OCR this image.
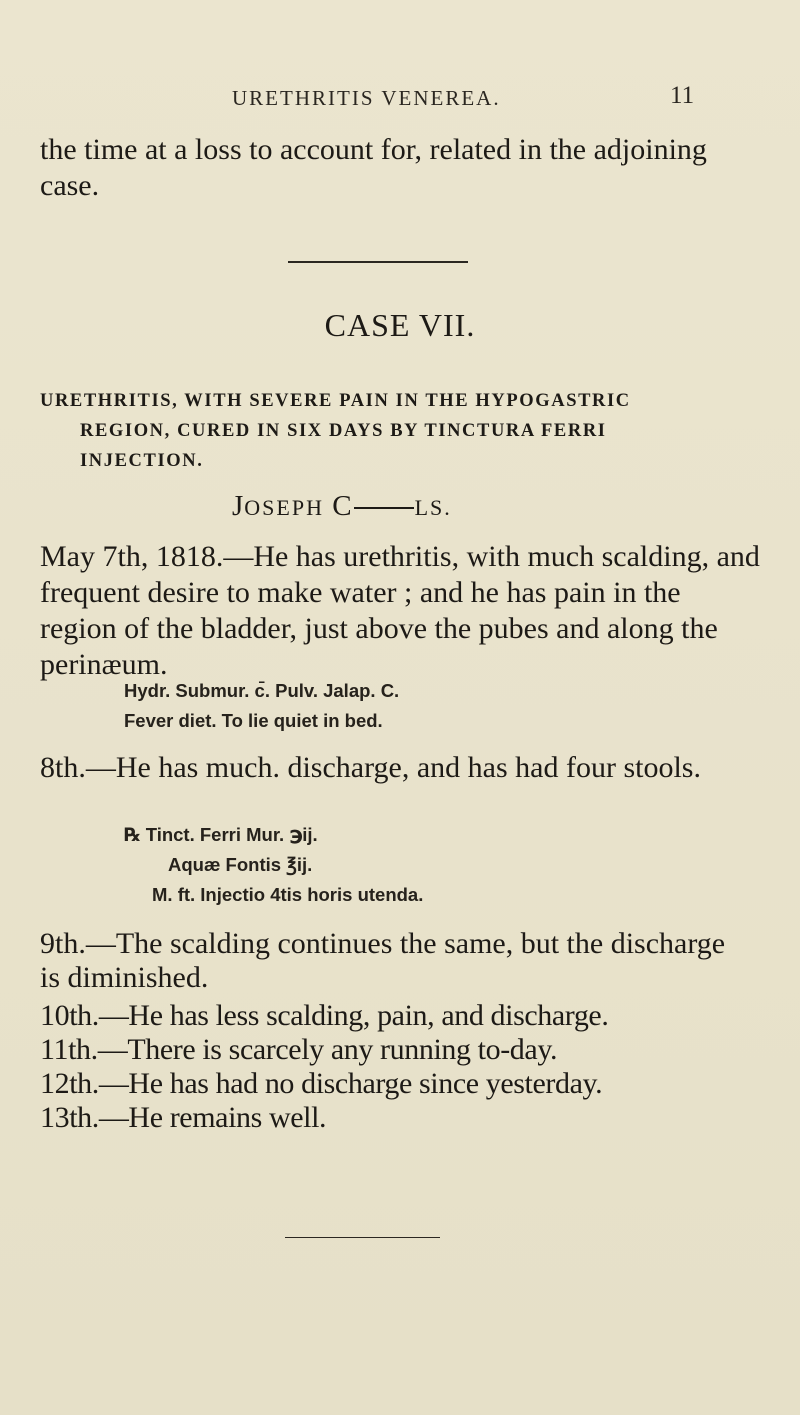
URETHRITIS VENEREA.	11

the time at a loss to account for, related in the adjoining case.

CASE VII.

URETHRITIS, WITH SEVERE PAIN IN THE HYPOGASTRIC
REGION, CURED IN SIX DAYS BY TINCTURA FERRI
INJECTION.

JOSEPH C	LS.

May 7th, 1818.—He has urethritis, with much scalding, and frequent desire to make water ; and he has pain in the region of the bladder, just above the pubes and along the perinæum.

Hydr. Submur. c̄. Pulv. Jalap. C.
Fever diet. To lie quiet in bed.

8th.—He has much. discharge, and has had four stools.

℞ Tinct. Ferri Mur. ℈ij.
Aquæ Fontis ℥ij.
M. ft. Injectio 4tis horis utenda.

9th.—The scalding continues the same, but the discharge is diminished.

10th.—He has less scalding, pain, and discharge.

11th.—There is scarcely any running to-day.

12th.—He has had no discharge since yesterday.

13th.—He remains well.
